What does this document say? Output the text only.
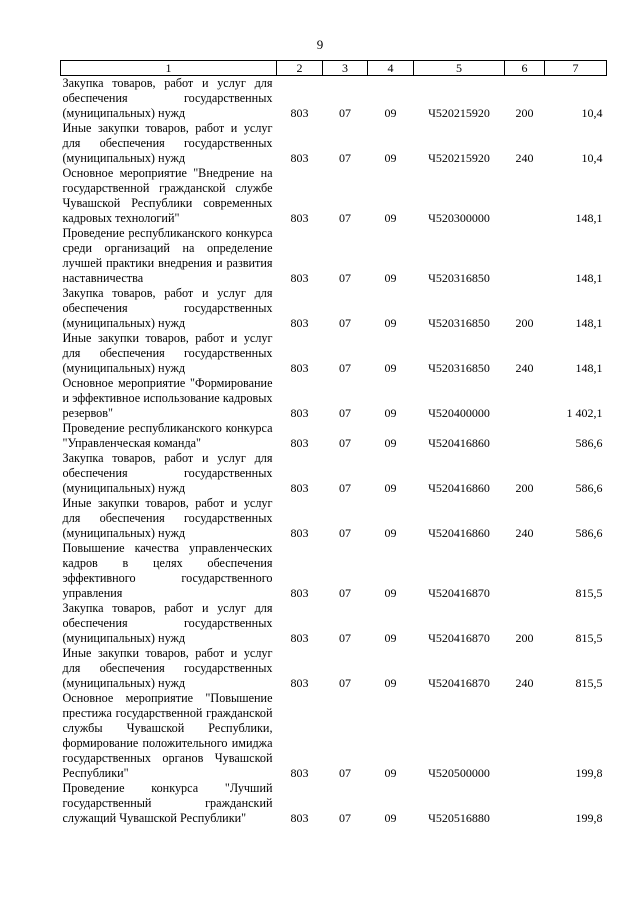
9
1	2	3	4	5	6	7
Закупка товаров, работ и услуг для обеспечения государственных (муниципальных) нужд	803	07	09	Ч520215920	200	10,4
Иные закупки товаров, работ и услуг для обеспечения государственных (муниципальных) нужд	803	07	09	Ч520215920	240	10,4
Основное мероприятие "Внедрение на государственной гражданской службе Чувашской Республики современных кадровых технологий"	803	07	09	Ч520300000		148,1
Проведение республиканского конкурса среди организаций на определение лучшей практики внедрения и развития наставничества	803	07	09	Ч520316850		148,1
Закупка товаров, работ и услуг для обеспечения государственных (муниципальных) нужд	803	07	09	Ч520316850	200	148,1
Иные закупки товаров, работ и услуг для обеспечения государственных (муниципальных) нужд	803	07	09	Ч520316850	240	148,1
Основное мероприятие "Формирование и эффективное использование кадровых резервов"	803	07	09	Ч520400000		1 402,1
Проведение республиканского конкурса "Управленческая команда"	803	07	09	Ч520416860		586,6
Закупка товаров, работ и услуг для обеспечения государственных (муниципальных) нужд	803	07	09	Ч520416860	200	586,6
Иные закупки товаров, работ и услуг для обеспечения государственных (муниципальных) нужд	803	07	09	Ч520416860	240	586,6
Повышение качества управленческих кадров в целях обеспечения эффективного государственного управления	803	07	09	Ч520416870		815,5
Закупка товаров, работ и услуг для обеспечения государственных (муниципальных) нужд	803	07	09	Ч520416870	200	815,5
Иные закупки товаров, работ и услуг для обеспечения государственных (муниципальных) нужд	803	07	09	Ч520416870	240	815,5
Основное мероприятие "Повышение престижа государственной гражданской службы Чувашской Республики, формирование положительного имиджа государственных органов Чувашской Республики"	803	07	09	Ч520500000		199,8
Проведение конкурса "Лучший государственный гражданский служащий Чувашской Республики"	803	07	09	Ч520516880		199,8
